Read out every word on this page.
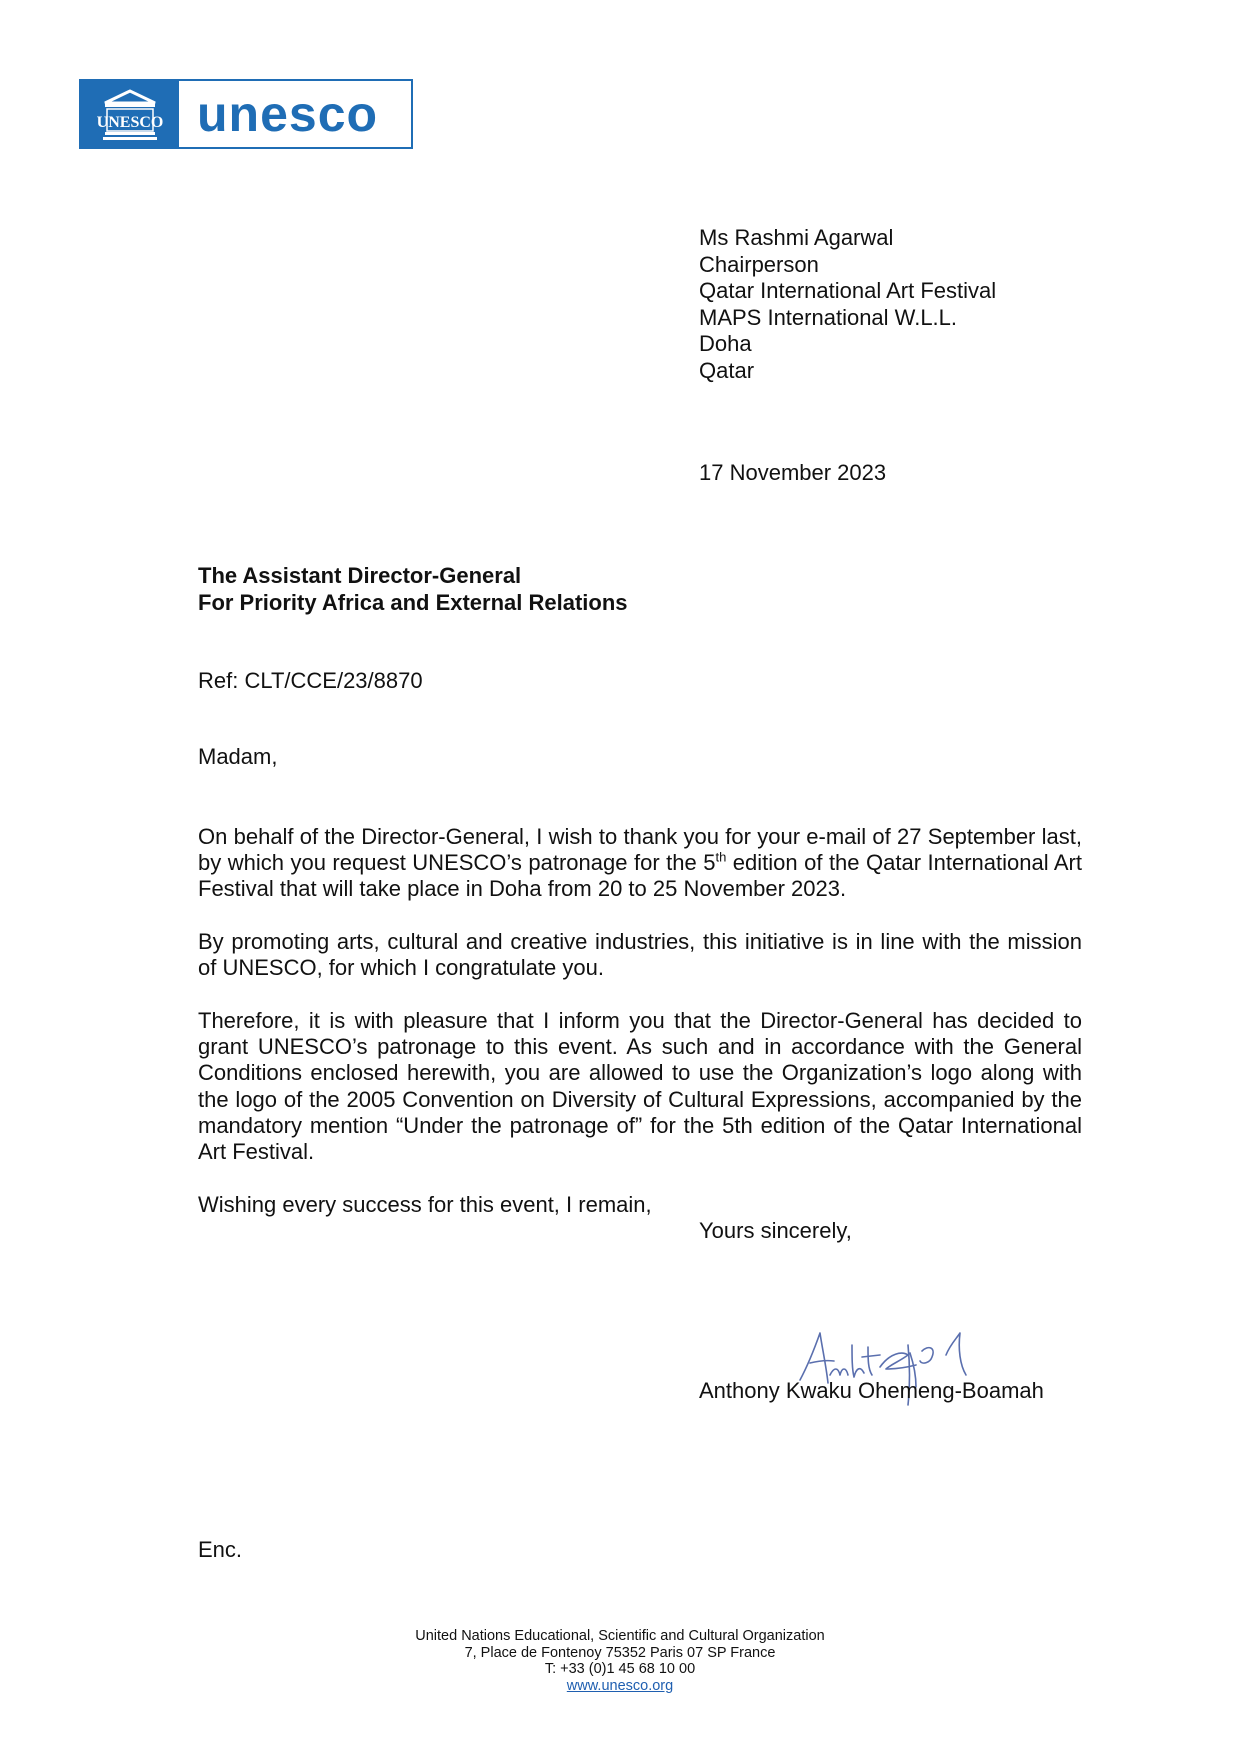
UNESCO unesco
Ms Rashmi Agarwal
Chairperson
Qatar International Art Festival
MAPS International W.L.L.
Doha
Qatar
17 November 2023
The Assistant Director-General
For Priority Africa and External Relations
Ref: CLT/CCE/23/8870
Madam,

On behalf of the Director-General, I wish to thank you for your e-mail of 27 September last, by which you request UNESCO’s patronage for the 5th edition of the Qatar International Art Festival that will take place in Doha from 20 to 25 November 2023.

By promoting arts, cultural and creative industries, this initiative is in line with the mission of UNESCO, for which I congratulate you.

Therefore, it is with pleasure that I inform you that the Director-General has decided to grant UNESCO’s patronage to this event. As such and in accordance with the General Conditions enclosed herewith, you are allowed to use the Organization’s logo along with the logo of the 2005 Convention on Diversity of Cultural Expressions, accompanied by the mandatory mention “Under the patronage of” for the 5th edition of the Qatar International Art Festival.

Wishing every success for this event, I remain,

Yours sincerely,
Anthony Kwaku Ohemeng-Boamah
Enc.
United Nations Educational, Scientific and Cultural Organization
7, Place de Fontenoy 75352 Paris 07 SP France
T: +33 (0)1 45 68 10 00
www.unesco.org
